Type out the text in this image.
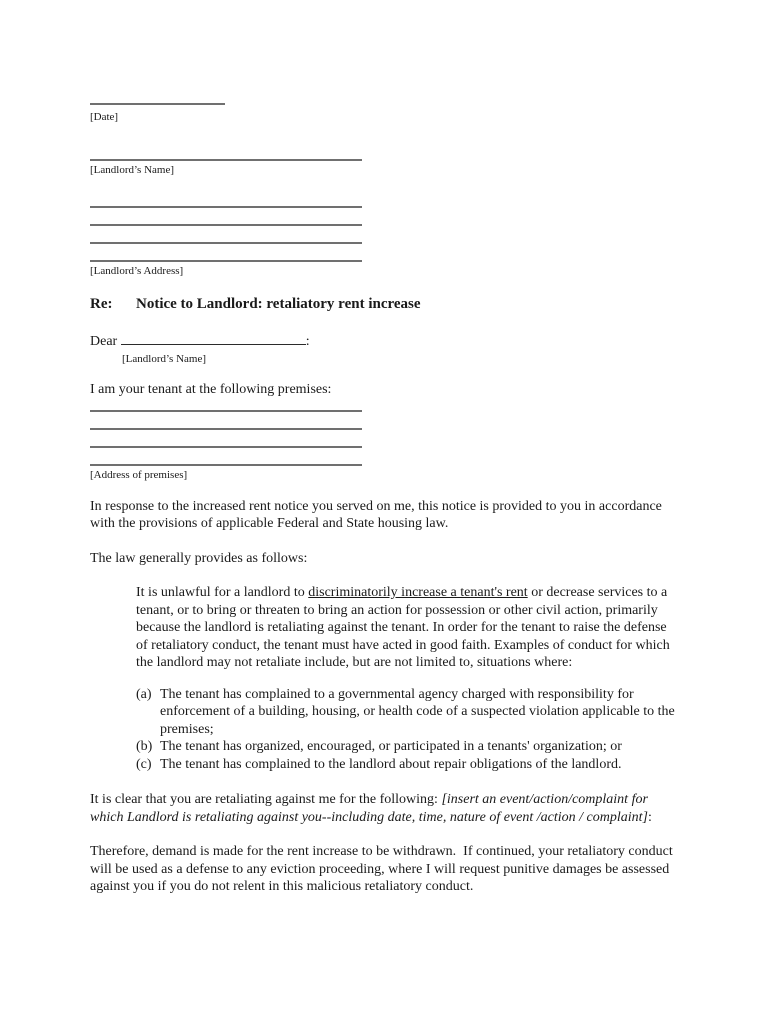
[Date]
[Landlord’s Name]
[Landlord’s Address]
Re: Notice to Landlord: retaliatory rent increase
Dear	:
[Landlord’s Name]
I am your tenant at the following premises:
[Address of premises]
In response to the increased rent notice you served on me, this notice is provided to you in accordance with the provisions of applicable Federal and State housing law.
The law generally provides as follows:
It is unlawful for a landlord to discriminatorily increase a tenant's rent or decrease services to a tenant, or to bring or threaten to bring an action for possession or other civil action, primarily because the landlord is retaliating against the tenant. In order for the tenant to raise the defense of retaliatory conduct, the tenant must have acted in good faith. Examples of conduct for which the landlord may not retaliate include, but are not limited to, situations where:
(a) The tenant has complained to a governmental agency charged with responsibility for enforcement of a building, housing, or health code of a suspected violation applicable to the premises;
(b) The tenant has organized, encouraged, or participated in a tenants' organization; or
(c) The tenant has complained to the landlord about repair obligations of the landlord.
It is clear that you are retaliating against me for the following: [insert an event/action/complaint for which Landlord is retaliating against you--including date, time, nature of event /action / complaint]:
Therefore, demand is made for the rent increase to be withdrawn.  If continued, your retaliatory conduct will be used as a defense to any eviction proceeding, where I will request punitive damages be assessed against you if you do not relent in this malicious retaliatory conduct.
